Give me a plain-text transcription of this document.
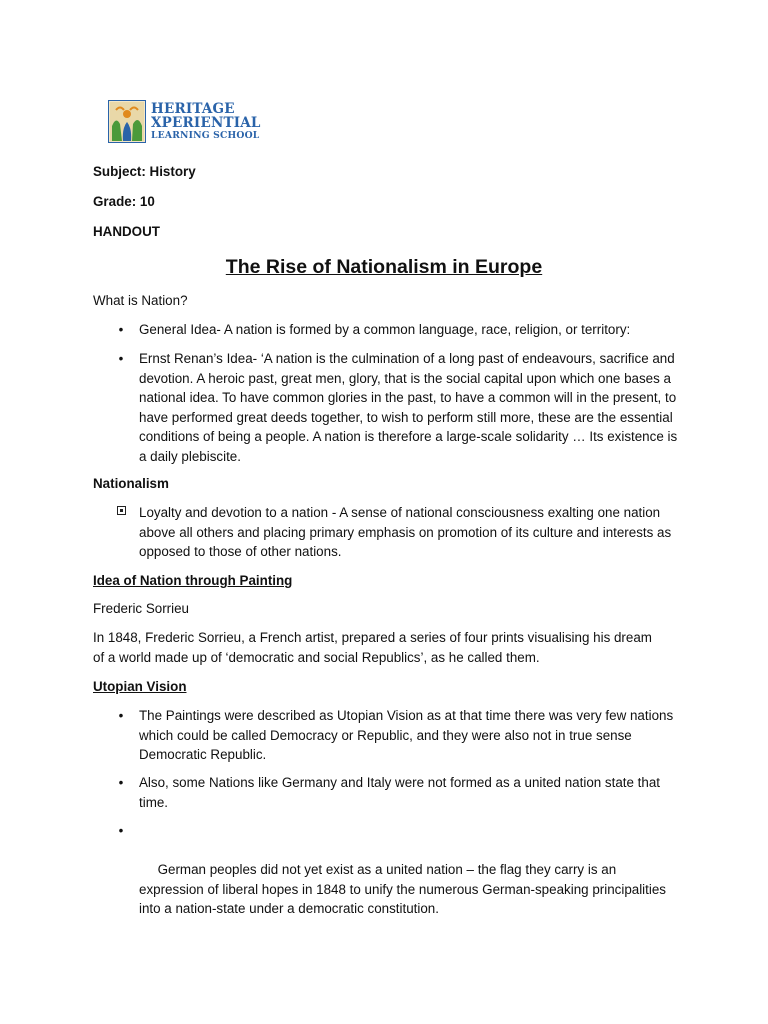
HERITAGE
XPERIENTIAL
LEARNING SCHOOL
Subject: History
Grade: 10
HANDOUT
The Rise of Nationalism in Europe
What is Nation?
• General Idea- A nation is formed by a common language, race, religion, or territory:
• Ernst Renan’s Idea- ‘A nation is the culmination of a long past of endeavours, sacrifice and devotion. A heroic past, great men, glory, that is the social capital upon which one bases a national idea. To have common glories in the past, to have a common will in the present, to have performed great deeds together, to wish to perform still more, these are the essential conditions of being a people. A nation is therefore a large-scale solidarity … Its existence is a daily plebiscite.
Nationalism
Loyalty and devotion to a nation - A sense of national consciousness exalting one nation above all others and placing primary emphasis on promotion of its culture and interests as opposed to those of other nations.
Idea of Nation through Painting
Frederic Sorrieu
In 1848, Frederic Sorrieu, a French artist, prepared a series of four prints visualising his dream of a world made up of ‘democratic and social Republics’, as he called them.
Utopian Vision
• The Paintings were described as Utopian Vision as at that time there was very few nations which could be called Democracy or Republic, and they were also not in true sense Democratic Republic.
• Also, some Nations like Germany and Italy were not formed as a united nation state that time.

•

German peoples did not yet exist as a united nation – the flag they carry is an expression of liberal hopes in 1848 to unify the numerous German-speaking principalities into a nation-state under a democratic constitution.
